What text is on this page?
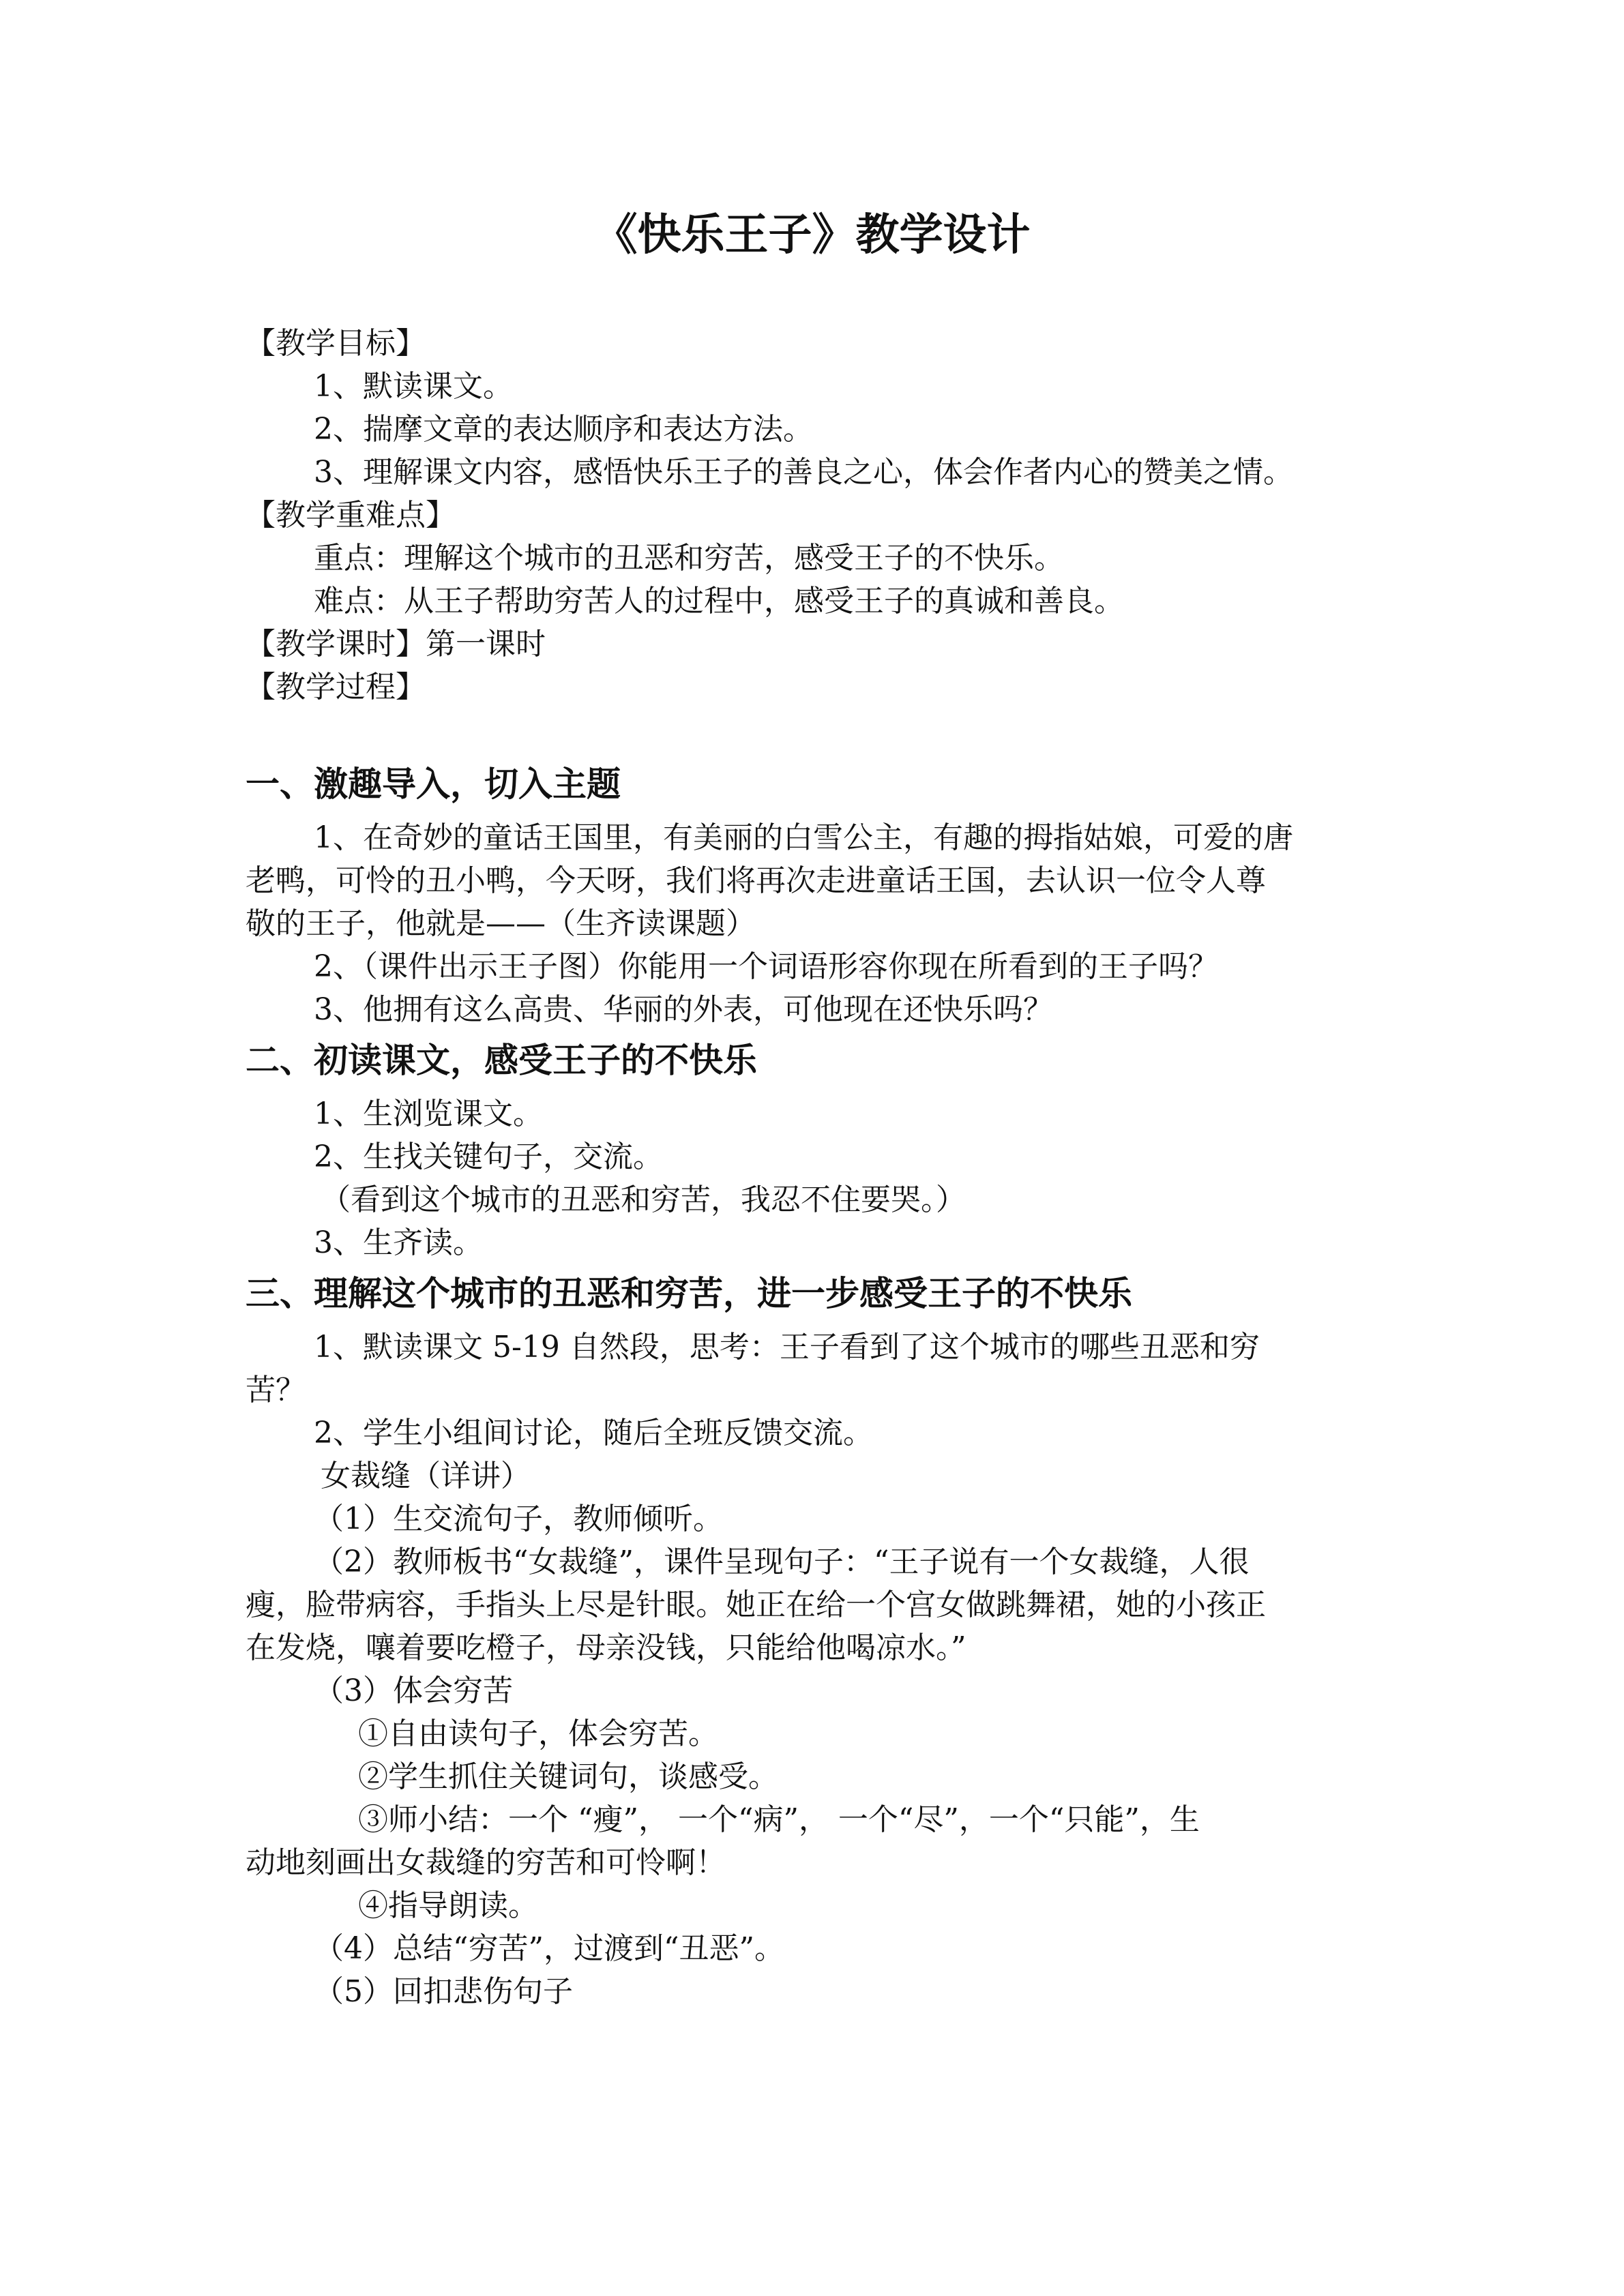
《快乐王子》教学设计

【教学目标】

1、默读课文。

2、揣摩文章的表达顺序和表达方法。

3、理解课文内容，感悟快乐王子的善良之心，体会作者内心的赞美之情。

【教学重难点】

重点：理解这个城市的丑恶和穷苦，感受王子的不快乐。

难点：从王子帮助穷苦人的过程中，感受王子的真诚和善良。

【教学课时】第一课时

【教学过程】

一、激趣导入，切入主题

1、在奇妙的童话王国里，有美丽的白雪公主，有趣的拇指姑娘，可爱的唐

老鸭，可怜的丑小鸭，今天呀，我们将再次走进童话王国，去认识一位令人尊

敬的王子，他就是——（生齐读课题）

2、（课件出示王子图）你能用一个词语形容你现在所看到的王子吗？

3、他拥有这么高贵、华丽的外表，可他现在还快乐吗？

二、初读课文，感受王子的不快乐

1、生浏览课文。

2、生找关键句子，交流。

（看到这个城市的丑恶和穷苦，我忍不住要哭。）

3、生齐读。

三、理解这个城市的丑恶和穷苦，进一步感受王子的不快乐

1、默读课文 5-19 自然段，思考：王子看到了这个城市的哪些丑恶和穷

苦？

2、学生小组间讨论，随后全班反馈交流。

女裁缝（详讲）

（1）生交流句子，教师倾听。

（2）教师板书“女裁缝”，课件呈现句子：“王子说有一个女裁缝，人很

瘦，脸带病容，手指头上尽是针眼。她正在给一个宫女做跳舞裙，她的小孩正

在发烧，嚷着要吃橙子，母亲没钱，只能给他喝凉水。”

（3）体会穷苦

①自由读句子，体会穷苦。

②学生抓住关键词句，谈感受。

③师小结：一个 “瘦”， 一个“病”， 一个“尽”，一个“只能”，生

动地刻画出女裁缝的穷苦和可怜啊！

④指导朗读。

（4）总结“穷苦”，过渡到“丑恶”。

（5）回扣悲伤句子
